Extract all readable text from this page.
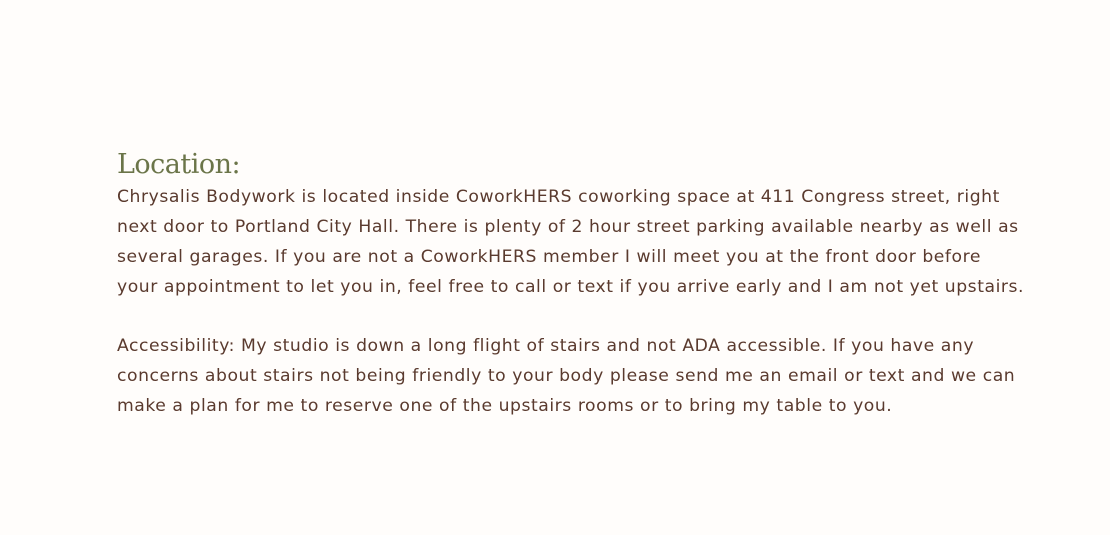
Location:

Chrysalis Bodywork is located inside CoworkHERS coworking space at 411 Congress street, right
next door to Portland City Hall. There is plenty of 2 hour street parking available nearby as well as
several garages. If you are not a CoworkHERS member I will meet you at the front door before
your appointment to let you in, feel free to call or text if you arrive early and I am not yet upstairs.

Accessibility: My studio is down a long flight of stairs and not ADA accessible. If you have any
concerns about stairs not being friendly to your body please send me an email or text and we can
make a plan for me to reserve one of the upstairs rooms or to bring my table to you.
